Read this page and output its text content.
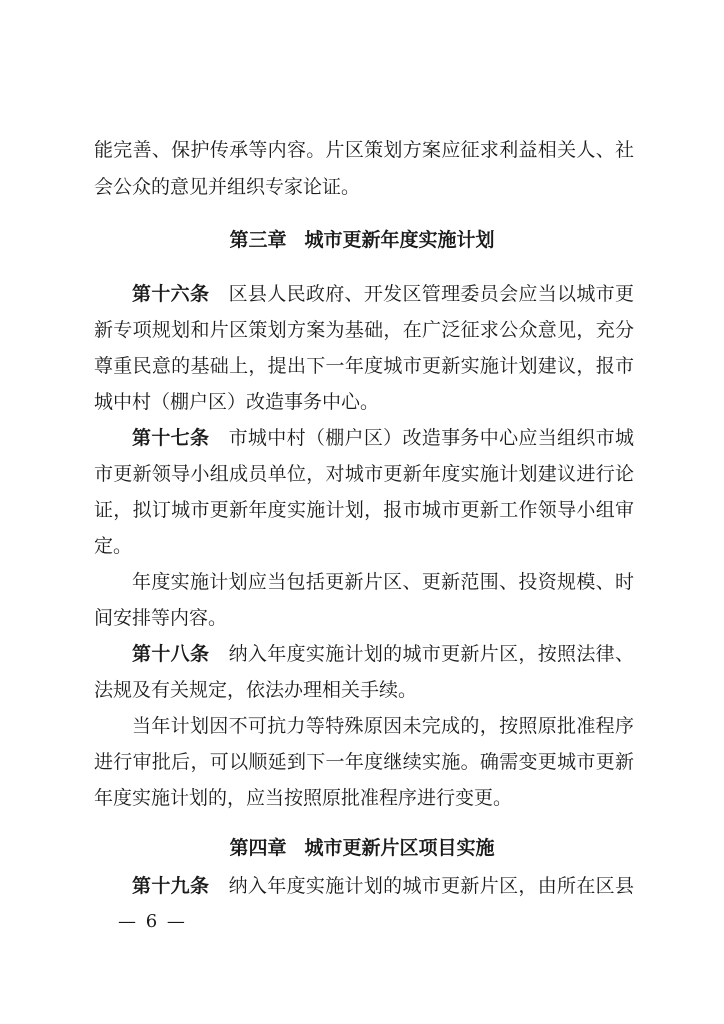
能完善、保护传承等内容。片区策划方案应征求利益相关人、社
会公众的意见并组织专家论证。
第三章 城市更新年度实施计划
第十六条　 区县人民政府、开发区管理委员会应当以城市更
新专项规划和片区策划方案为基础，在广泛征求公众意见，充分
尊重民意的基础上，提出下一年度城市更新实施计划建议，报市
城中村（棚户区）改造事务中心。
第十七条　 市城中村（棚户区）改造事务中心应当组织市城
市更新领导小组成员单位，对城市更新年度实施计划建议进行论
证，拟订城市更新年度实施计划，报市城市更新工作领导小组审
定。
年度实施计划应当包括更新片区、更新范围、投资规模、时
间安排等内容。
第十八条　 纳入年度实施计划的城市更新片区，按照法律、
法规及有关规定，依法办理相关手续。
当年计划因不可抗力等特殊原因未完成的，按照原批准程序
进行审批后，可以顺延到下一年度继续实施。确需变更城市更新
年度实施计划的，应当按照原批准程序进行变更。
第四章 城市更新片区项目实施
第十九条　 纳入年度实施计划的城市更新片区，由所在区县
— 6 —
